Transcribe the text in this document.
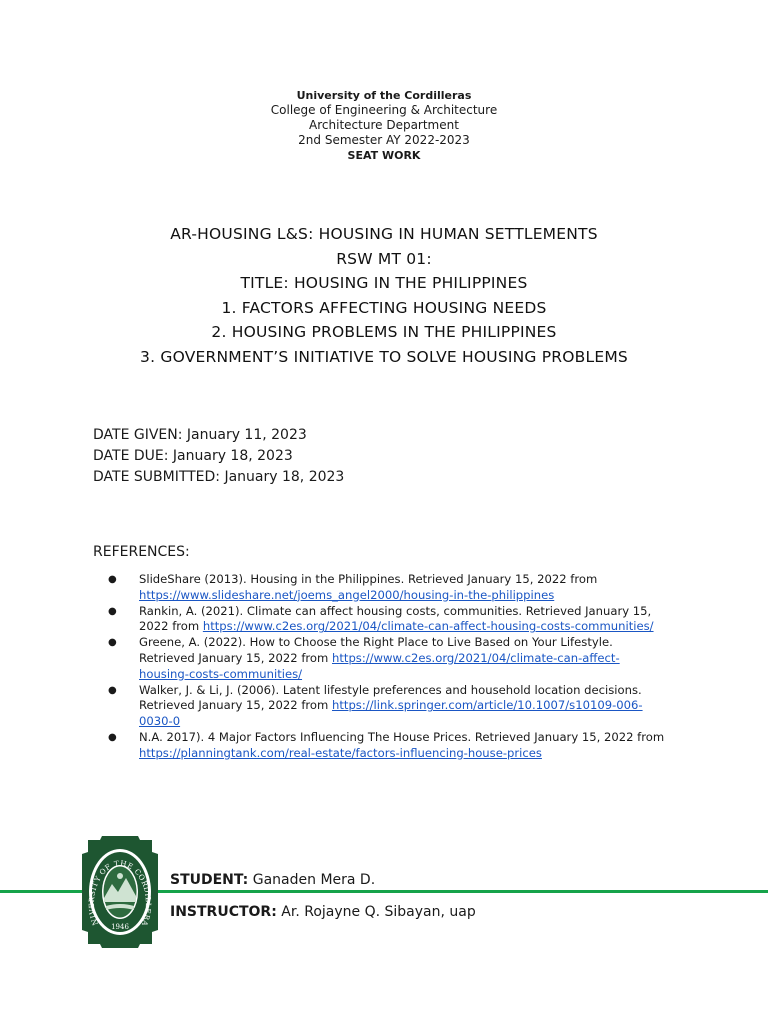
University of the Cordilleras
College of Engineering & Architecture
Architecture Department
2nd Semester AY 2022-2023
SEAT WORK
AR-HOUSING L&S: HOUSING IN HUMAN SETTLEMENTS
RSW MT 01:
TITLE: HOUSING IN THE PHILIPPINES
1. FACTORS AFFECTING HOUSING NEEDS
2. HOUSING PROBLEMS IN THE PHILIPPINES
3. GOVERNMENT’S INITIATIVE TO SOLVE HOUSING PROBLEMS
DATE GIVEN: January 11, 2023
DATE DUE: January 18, 2023
DATE SUBMITTED: January 18, 2023
REFERENCES:
● SlideShare (2013). Housing in the Philippines. Retrieved January 15, 2022 from https://www.slideshare.net/joems_angel2000/housing-in-the-philippines
● Rankin, A. (2021). Climate can affect housing costs, communities. Retrieved January 15, 2022 from https://www.c2es.org/2021/04/climate-can-affect-housing-costs-communities/
● Greene, A. (2022). How to Choose the Right Place to Live Based on Your Lifestyle. Retrieved January 15, 2022 from https://www.c2es.org/2021/04/climate-can-affect-housing-costs-communities/
● Walker, J. & Li, J. (2006). Latent lifestyle preferences and household location decisions. Retrieved January 15, 2022 from https://link.springer.com/article/10.1007/s10109-006-0030-0
● N.A. 2017). 4 Major Factors Influencing The House Prices. Retrieved January 15, 2022 from https://planningtank.com/real-estate/factors-influencing-house-prices
NIVERSITY OF THE CORDILLERA
1946
STUDENT: Ganaden Mera D.
INSTRUCTOR: Ar. Rojayne Q. Sibayan, uap
